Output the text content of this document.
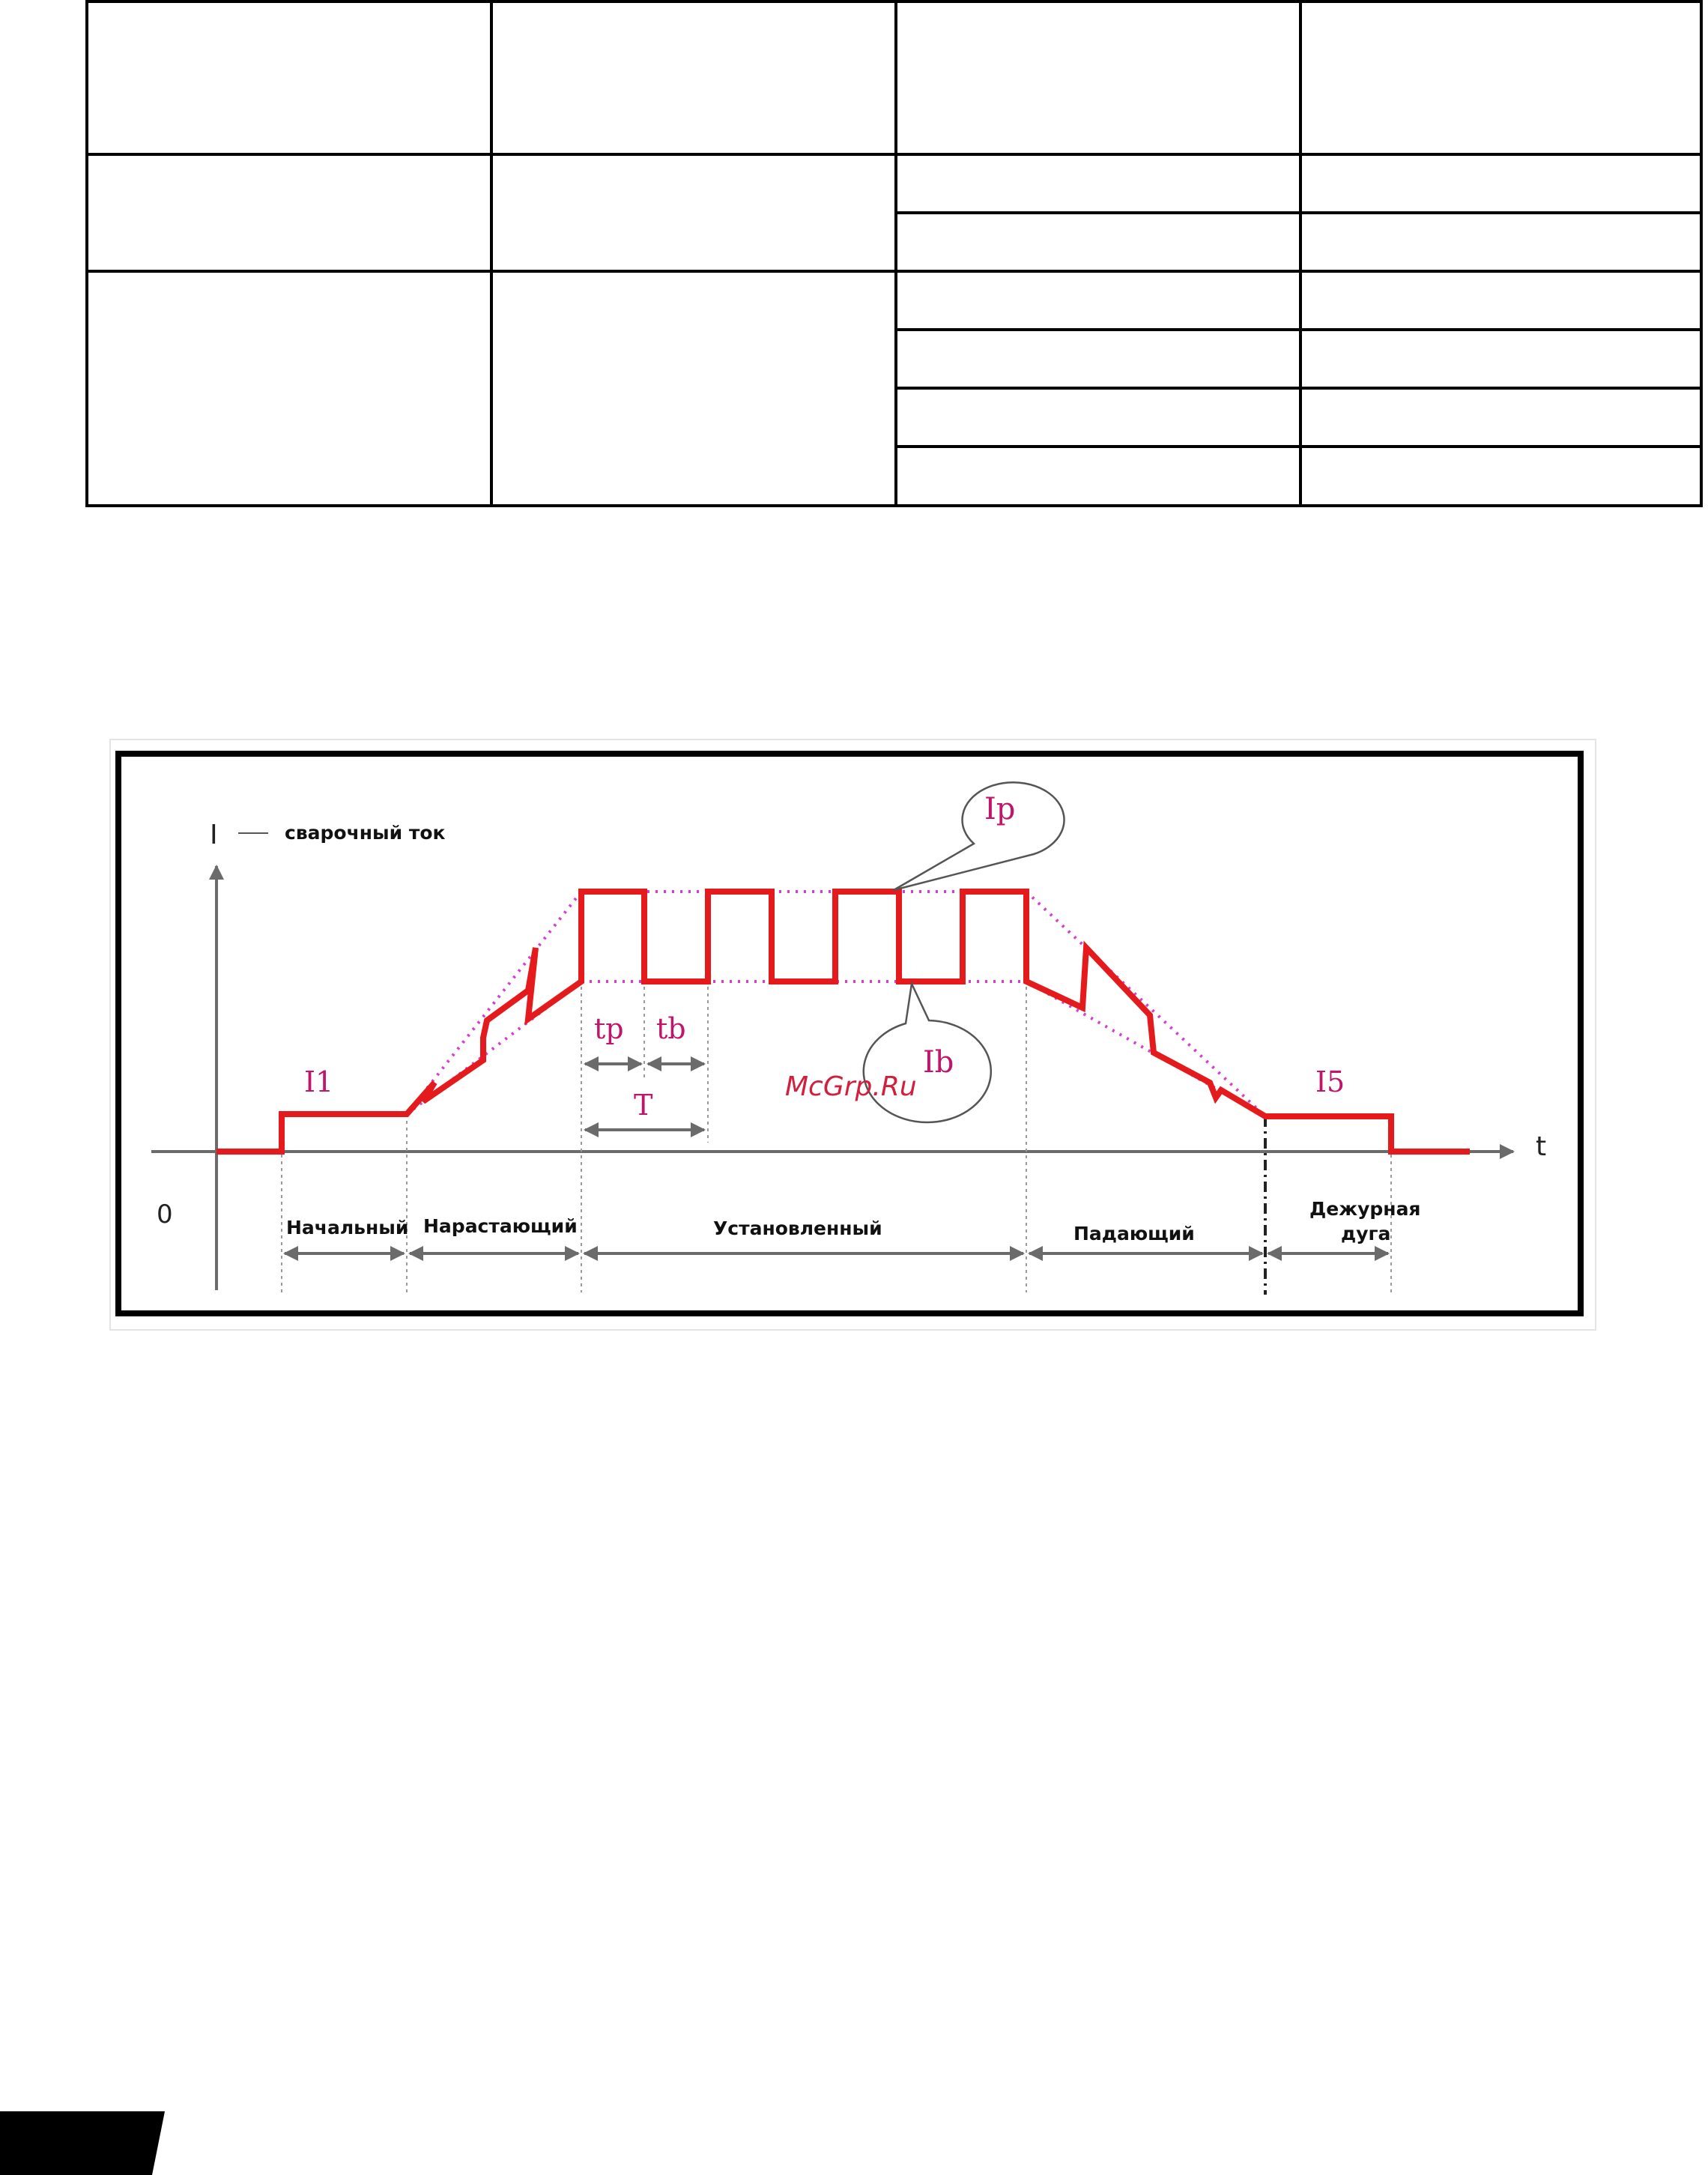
I	сварочный ток
t
0
Ip
Ib
I1	I5
tp tb
T
Начальный Нарастающий	Установленный	Падающий
Дежурная
дуга
McGrp.Ru
